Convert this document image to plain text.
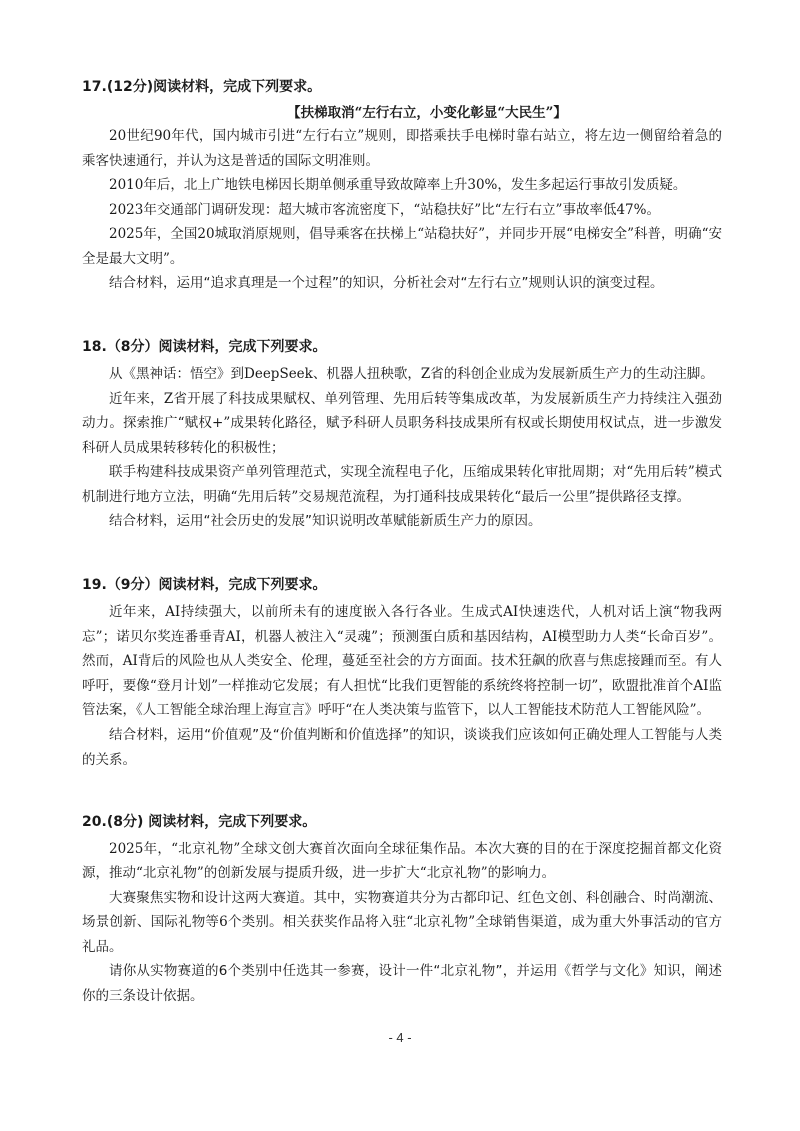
17.(12分)阅读材料，完成下列要求。

【扶梯取消“左行右立，小变化彰显“大民生”】

20世纪90年代，国内城市引进“左行右立”规则，即搭乘扶手电梯时靠右站立，将左边一侧留给着急的乘客快速通行，并认为这是普适的国际文明准则。

2010年后，北上广地铁电梯因长期单侧承重导致故障率上升30%，发生多起运行事故引发质疑。

2023年交通部门调研发现：超大城市客流密度下，“站稳扶好”比“左行右立”事故率低47%。

2025年，全国20城取消原规则，倡导乘客在扶梯上“站稳扶好”，并同步开展“电梯安全”科普，明确“安全是最大文明”。

结合材料，运用“追求真理是一个过程”的知识，分析社会对“左行右立”规则认识的演变过程。

18.（8分）阅读材料，完成下列要求。

从《黑神话：悟空》到DeepSeek、机器人扭秧歌，Z省的科创企业成为发展新质生产力的生动注脚。

近年来，Z省开展了科技成果赋权、单列管理、先用后转等集成改革，为发展新质生产力持续注入强劲动力。探索推广“赋权+”成果转化路径，赋予科研人员职务科技成果所有权或长期使用权试点，进一步激发科研人员成果转移转化的积极性；

联手构建科技成果资产单列管理范式，实现全流程电子化，压缩成果转化审批周期；对“先用后转”模式机制进行地方立法，明确“先用后转”交易规范流程，为打通科技成果转化“最后一公里”提供路径支撑。

结合材料，运用“社会历史的发展”知识说明改革赋能新质生产力的原因。

19.（9分）阅读材料，完成下列要求。

近年来，AI持续强大，以前所未有的速度嵌入各行各业。生成式AI快速迭代，人机对话上演“物我两忘”；诺贝尔奖连番垂青AI，机器人被注入“灵魂”；预测蛋白质和基因结构，AI模型助力人类“长命百岁”。然而，AI背后的风险也从人类安全、伦理，蔓延至社会的方方面面。技术狂飙的欣喜与焦虑接踵而至。有人呼吁，要像“登月计划”一样推动它发展；有人担忧“比我们更智能的系统终将控制一切”，欧盟批准首个AI监管法案，《人工智能全球治理上海宣言》呼吁“在人类决策与监管下，以人工智能技术防范人工智能风险”。

结合材料，运用“价值观”及“价值判断和价值选择”的知识，谈谈我们应该如何正确处理人工智能与人类的关系。

20.(8分) 阅读材料，完成下列要求。

2025年，“北京礼物”全球文创大赛首次面向全球征集作品。本次大赛的目的在于深度挖掘首都文化资源，推动“北京礼物”的创新发展与提质升级，进一步扩大“北京礼物”的影响力。

大赛聚焦实物和设计这两大赛道。其中，实物赛道共分为古都印记、红色文创、科创融合、时尚潮流、场景创新、国际礼物等6个类别。相关获奖作品将入驻“北京礼物”全球销售渠道，成为重大外事活动的官方礼品。

请你从实物赛道的6个类别中任选其一参赛，设计一件“北京礼物”，并运用《哲学与文化》知识，阐述你的三条设计依据。

- 4 -
